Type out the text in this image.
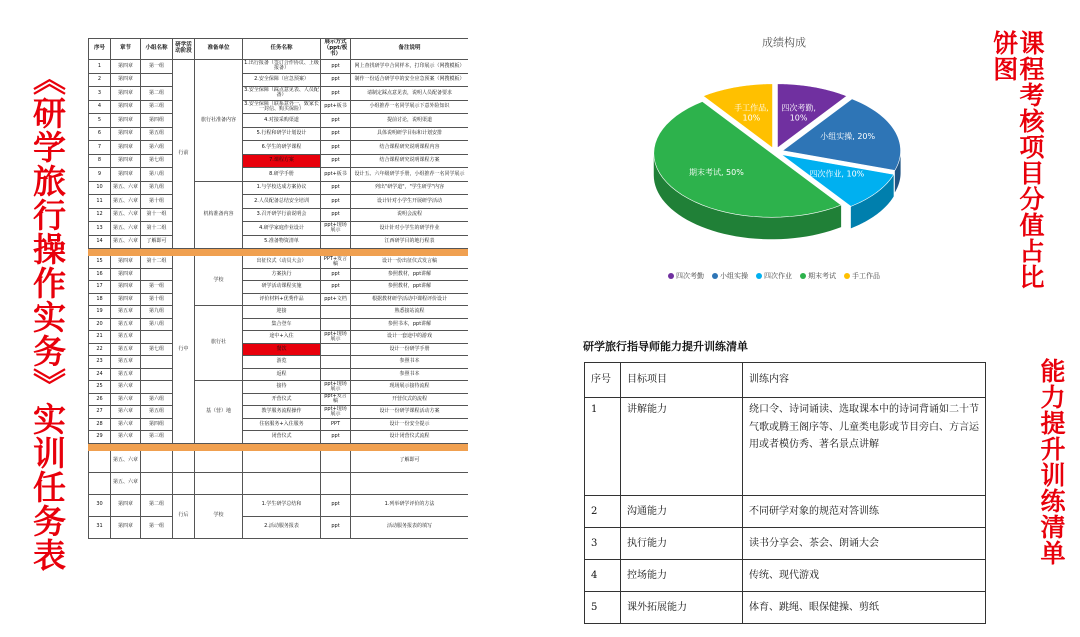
《研学旅行操作实务》实训任务表
序号	章节	小组名称	研学活动阶段	准备单位	任务名称	展示方式（ppt/板书）	备注说明
1	第四章	第一组	行前	旅行社准备内容	1.出行报备（签订合作协议、上级报备）	ppt	网上查找研学中合同样本，打印展示（网搜模板）
2	第四章				2.安全保障（应急预案）	ppt	制作一份适合研学中的安全应急预案（网搜模板）
3	第四章	第二组			3.安全保障（踩点意见表、人员配备）	ppt	请制定踩点意见表，说明人员配备要求
4	第四章	第三组			3.安全保障（联系意外一、致家长一封信、购买保险）	ppt+板书	小组推荐一名同学展示下意外险知识
5	第四章	第四组			4.对接采购渠道	ppt	提前讨论，说明渠道
6	第四章	第五组			5.行程和研学计划设计	ppt	具体说明研学目标和计划安排
7	第四章	第六组			6.学生的研学课程	ppt	结合课程研究说明课程内容
8	第四章	第七组			7.课程方案	ppt	结合课程研究说明课程方案
9	第四章	第八组			8.研学手册	ppt+板书	设计五、六年级研学手册，小组推荐一名同学展示
10	第五、六章	第九组		机构准备内容	1.与学校达成方案协议	ppt	列出"研学道"，"学生研学"内容
11	第五、六章	第十组			2.人员配备总结安全培训	ppt	设计针对小学生开展研学活动
12	第五、六章	第十一组			3.召开研学行前说明会	ppt	说明会流程
13	第五、六章	第十二组			4.研学家庭作业设计	ppt+现场展示	设计针对小学生的研学作业
14	第五、六章	了解即可			5.准备物资清单		江西研学目的地行程表

15	第四章	第十二组	行中	学校	出征仪式（动员大会）	PPT+发言稿	设计一份出征仪式发言稿
16	第四章				方案执行	ppt	参照教材，ppt讲解
17	第四章	第一组			研学活动课程实施	ppt	参照教材，ppt讲解
18	第四章	第十组			评价材料+优秀作品	ppt+文档	根据教材研学活动中课程评价设计
19	第五章	第九组		旅行社	迎接		熟悉接站流程
20	第五章	第八组			集合登车		参照书本，ppt讲解
21	第五章				途中+入住	ppt+现场展示	设计一套途中的游戏
22	第五章	第七组			餐饮		设计一份研学手册
23	第五章				游览		参照书本
24	第五章				返程		参照书本
25	第六章			基（营）地	接待	ppt+现场展示	现场展示接待流程
26	第六章	第六组			开营仪式	ppt+发言稿	开营仪式的流程
27	第六章	第五组			教学服务流程操作	ppt+现场展示	设计一份研学课程活动方案
28	第六章	第四组			住宿服务+入住服务	PPT	设计一份安全提示
29	第六章	第三组			闭营仪式	ppt	设计闭营仪式流程

	第五、六章						了解即可
	第五、六章						
30	第四章	第二组	行后	学校	1.学生研学总结和	ppt	1.列举研学评价的方法
31	第四章	第一组			2.活动服务报表	ppt	活动服务报表的填写
成绩构成
四次考勤, 10%
小组实操, 20%
四次作业, 10%
期末考试, 50%
手工作品, 10%
四次考勤	小组实操	四次作业	期末考试	手工作品	课程考核项目分值占比饼图
能力提升训练清单
研学旅行指导师能力提升训练清单
序号	目标项目	训练内容
1	讲解能力	绕口令、诗词诵读、选取课本中的诗词背诵如二十节气歌或腾王阁序等、儿童类电影或节目旁白、方言运用或者模仿秀、著名景点讲解
2	沟通能力	不同研学对象的规范对答训练
3	执行能力	读书分享会、茶会、朗诵大会
4	控场能力	传统、现代游戏
5	课外拓展能力	体育、跳绳、眼保健操、剪纸
